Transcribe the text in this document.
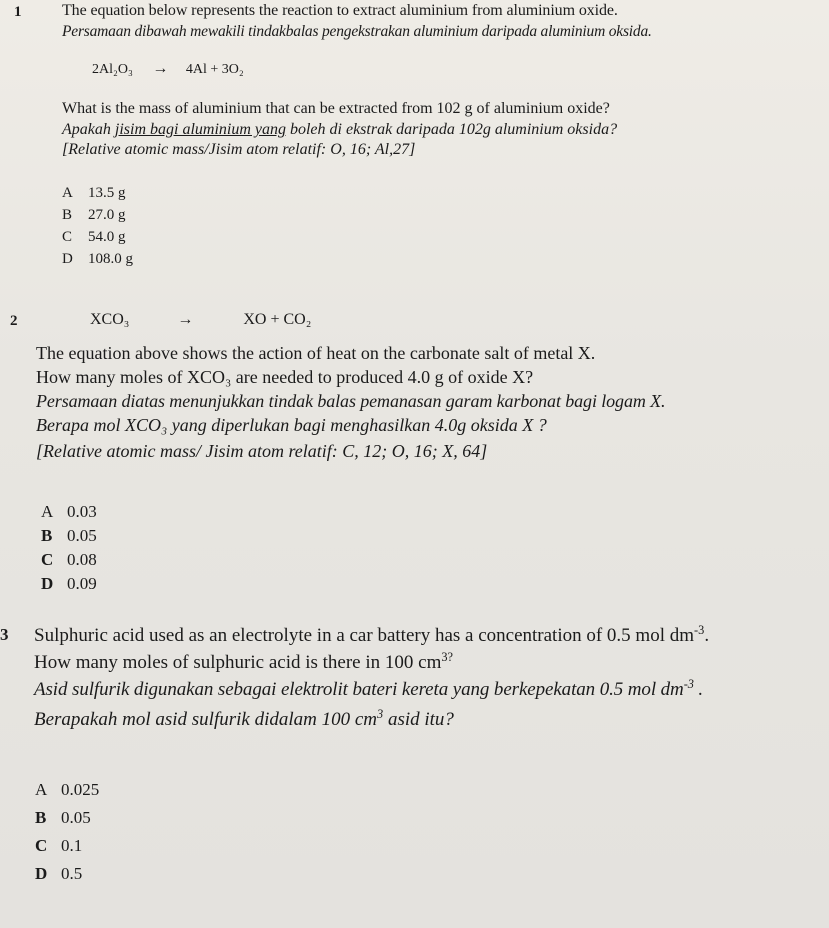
1	The equation below represents the reaction to extract aluminium from aluminium oxide.
Persamaan dibawah mewakili tindakbalas pengekstrakan aluminium daripada aluminium oksida.
2Al₂O₃ → 4Al + 3O₂
What is the mass of aluminium that can be extracted from 102 g of aluminium oxide?
Apakah jisim bagi aluminium yang boleh di ekstrak daripada 102g aluminium oksida?
[Relative atomic mass/Jisim atom relatif: O, 16; Al,27]
A 13.5 g
B 27.0 g
C 54.0 g
D 108.0 g
2	XCO₃	→	XO + CO₂
The equation above shows the action of heat on the carbonate salt of metal X.
How many moles of XCO₃ are needed to produced 4.0 g of oxide X?
Persamaan diatas menunjukkan tindak balas pemanasan garam karbonat bagi logam X.
Berapa mol XCO₃ yang diperlukan bagi menghasilkan 4.0g oksida X ?
[Relative atomic mass/ Jisim atom relatif: C, 12; O, 16; X, 64]
A 0.03
B 0.05
C 0.08
D 0.09
3 Sulphuric acid used as an electrolyte in a car battery has a concentration of 0.5 mol $dm^{-3}$.
How many moles of sulphuric acid is there in 100 $cm^{3?}$
Asid sulfurik digunakan sebagai elektrolit bateri kereta yang berkepekatan 0.5 mol $dm^{-3}$ .
Berapakah mol asid sulfurik didalam 100 $cm^3$ asid itu?
A 0.025
B 0.05
C 0.1
D 0.5
